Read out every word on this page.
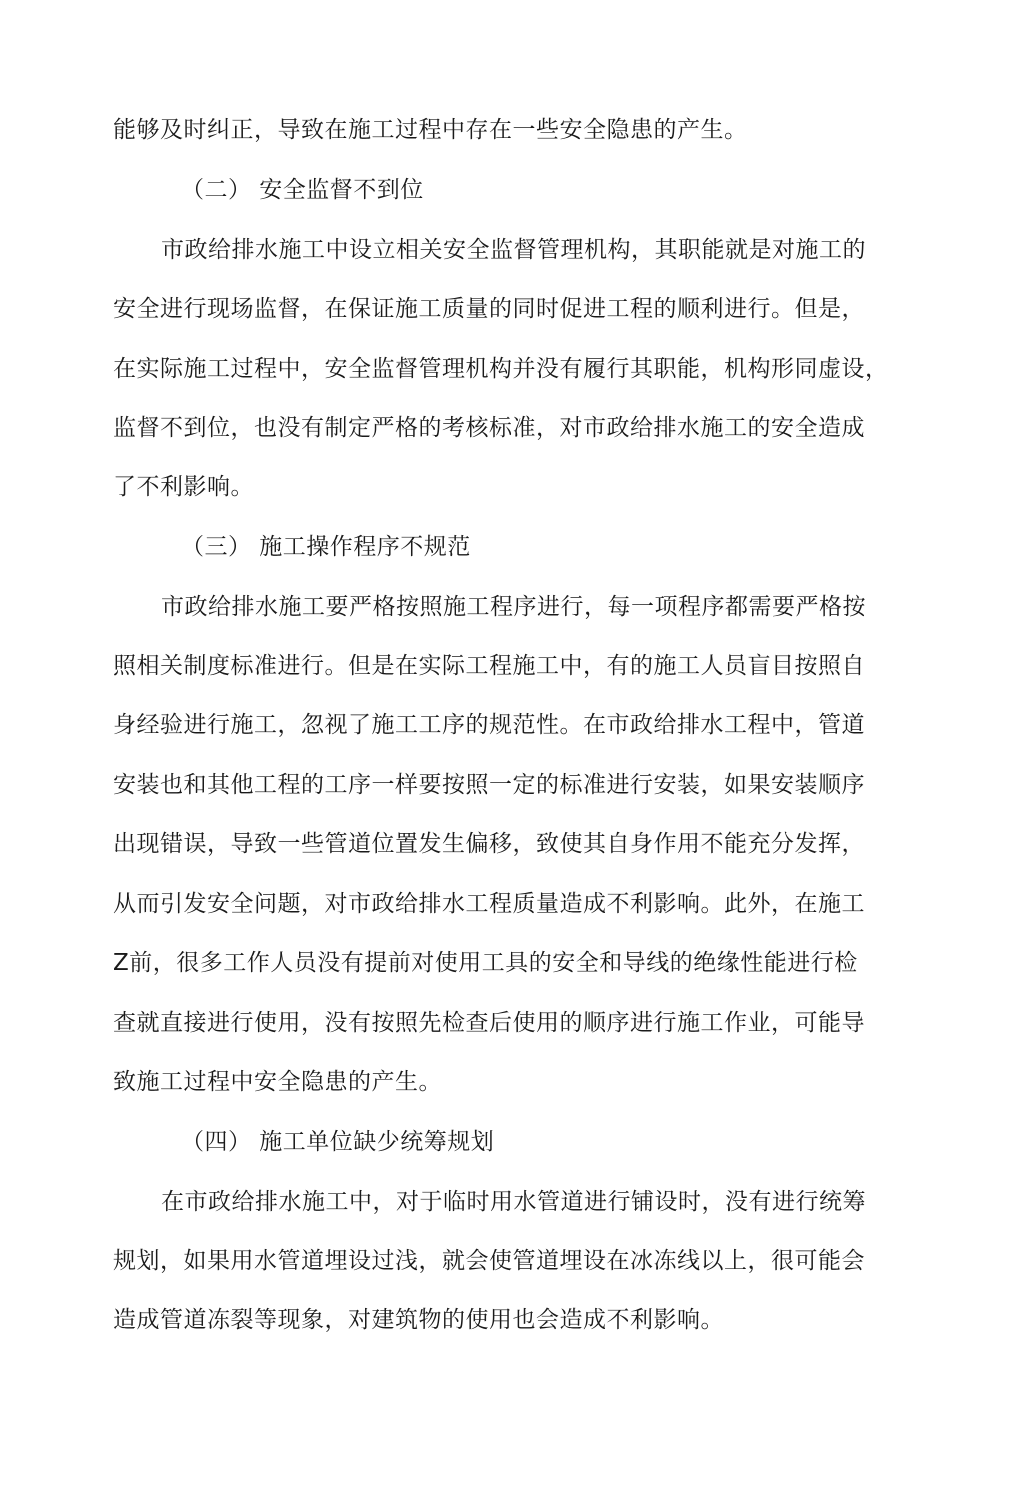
能够及时纠正，导致在施工过程中存在一些安全隐患的产生。
（二） 安全监督不到位
市政给排水施工中设立相关安全监督管理机构，其职能就是对施工的
安全进行现场监督，在保证施工质量的同时促进工程的顺利进行。但是，
在实际施工过程中，安全监督管理机构并没有履行其职能，机构形同虚设，
监督不到位，也没有制定严格的考核标准，对市政给排水施工的安全造成
了不利影响。
（三） 施工操作程序不规范
市政给排水施工要严格按照施工程序进行，每一项程序都需要严格按
照相关制度标准进行。但是在实际工程施工中，有的施工人员盲目按照自
身经验进行施工，忽视了施工工序的规范性。在市政给排水工程中，管道
安装也和其他工程的工序一样要按照一定的标准进行安装，如果安装顺序
出现错误，导致一些管道位置发生偏移，致使其自身作用不能充分发挥，
从而引发安全问题，对市政给排水工程质量造成不利影响。此外，在施工
Z前，很多工作人员没有提前对使用工具的安全和导线的绝缘性能进行检
查就直接进行使用，没有按照先检查后使用的顺序进行施工作业，可能导
致施工过程中安全隐患的产生。
（四） 施工单位缺少统筹规划
在市政给排水施工中，对于临时用水管道进行铺设时，没有进行统筹
规划，如果用水管道埋设过浅，就会使管道埋设在冰冻线以上，很可能会
造成管道冻裂等现象，对建筑物的使用也会造成不利影响。
